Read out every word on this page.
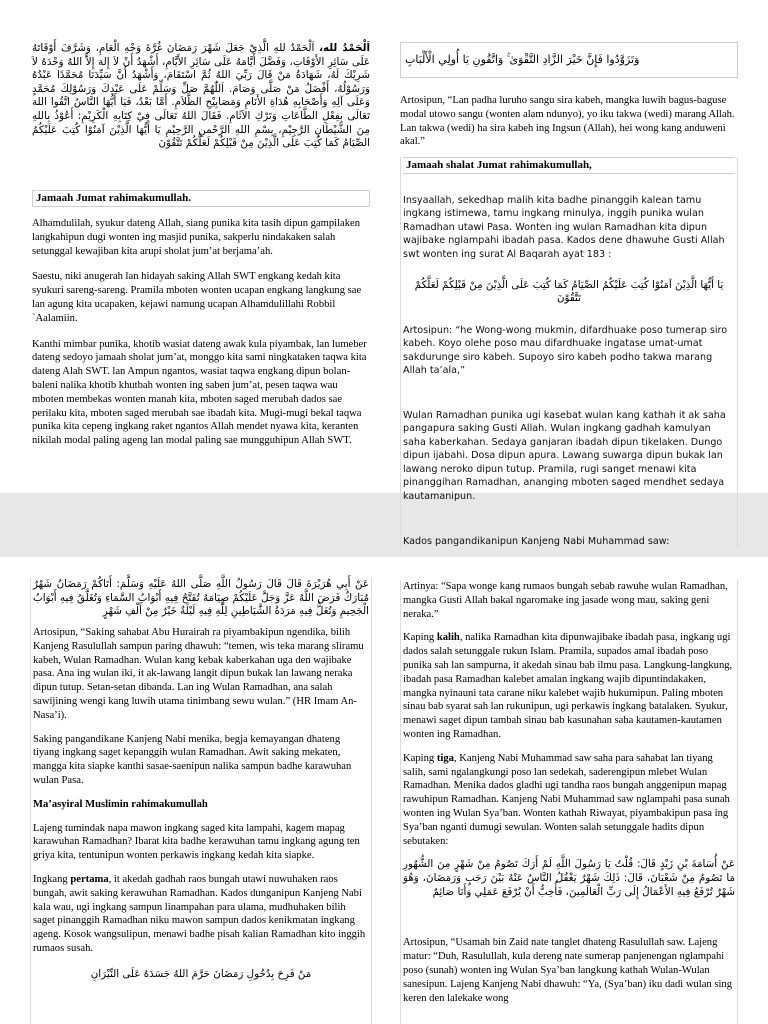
اَلْحَمْدُ لله، اَلْحَمْدُ للهِ الَّذِيْ جَعَلَ شَهْرَ رَمَضَانَ غُرَّةَ وَجْهِ الْعَامِ، وَشَرَّفَ أَوْقَاتَهُ عَلَى سَائِرِ الأَوْقَاتِ، وَفَضَّلَ أَيَّامَهُ عَلَى سَائِرِ الأَيَّامِ، أَشْهَدُ أَنْ لاَ إِلهَ إِلاَّ اللهُ وَحْدَهُ لاَ شَرِيْكَ لَهُ، شَهَادَةُ مَنْ قَالَ رَبِّيَ اللهُ ثُمَّ اسْتَقَامَ، وَأَشْهَدُ أَنَّ سَيِّدَنَا مُحَمَّدًا عَبْدُهُ وَرَسُوْلُهُ، أَفْضَلُ مَنْ صَلَّى وَصَامَ. اَللّٰهُمَّ صَلِّ وَسَلِّمْ عَلَى عَبْدِكَ وَرَسُوْلِكَ مُحَمَّدٍ وَعَلَى آلِهِ وَأَصْحَابِهِ هُدَاةِ الأَنَامِ وَمَصَابِيْحِ الظَّلاَمِ. أَمَّا بَعْدُ، فَيَا أَيُّهَا النَّاسُ اتَّقُوا اللهَ تَعَالَى بِفِعْلِ الطَّاعَاتِ وَتَرْكِ الآثَامِ. فَقَالَ اللهُ تَعَالَى فِيْ كِتَابِهِ الْكَرِيْمِ: أَعُوْذُ بِاللهِ مِنَ الشَّيْطَانِ الرَّجِيْمِ، بِسْمِ اللهِ الرَّحْمنِ الرَّحِيْمِ يَا أَيُّهَا الَّذِيْنَ آمَنُوْا كُتِبَ عَلَيْكُمُ الصِّيَامُ كَمَا كُتِبَ عَلَى الَّذِيْنَ مِنْ قَبْلِكُمْ لَعَلَّكُمْ تَتَّقُوْنَ

Jamaah Jumat rahimakumullah.

Alhamdulilah, syukur dateng Allah, siang punika kita tasih dipun gampilaken langkahipun dugi wonten ing masjid punika, sakperlu nindakaken salah setunggal kewajiban kita arupi sholat jum’at berjama’ah.

Saestu, niki anugerah lan hidayah saking Allah SWT engkang kedah kita syukuri sareng-sareng. Pramila mboten wonten ucapan engkang langkung sae lan agung kita ucapaken, kejawi namung ucapan Alhamdulillahi Robbil `Aalamiin.

Kanthi mimbar punika, khotib wasiat dateng awak kula piyambak, lan lumeber dateng sedoyo jamaah sholat jum’at, monggo kita sami ningkataken taqwa kita dateng Alah SWT. lan Ampun ngantos, wasiat taqwa engkang dipun bolan-baleni nalika khotib khutbah wonten ing saben jum’at, pesen taqwa wau mboten membekas wonten manah kita, mboten saged merubah dados sae perilaku kita, mboten saged merubah sae ibadah kita. Mugi-mugi bekal taqwa punika kita cepeng ingkang raket ngantos Allah mendet nyawa kita, keranten nikilah modal paling ageng lan modal paling sae mungguhipun Allah SWT.

وَتَزَوَّدُوا فَإِنَّ خَيْرَ الزَّادِ التَّقْوَىٰ ۚ وَاتَّقُونِ يَا أُولِي الْأَلْبَابِ

Artosipun, “Lan padha luruho sangu sira kabeh, mangka luwih bagus-baguse modal utowo sangu (wonten alam ndunyo), yo iku takwa (wedi) marang Allah. Lan takwa (wedi) ha sira kabeh ing Ingsun (Allah), hei wong kang anduweni akal.”

Jamaah shalat Jumat rahimakumullah,

Insyaallah, sekedhap malih kita badhe pinanggih kalean tamu ingkang istimewa, tamu ingkang minulya, inggih punika wulan Ramadhan utawi Pasa. Wonten ing wulan Ramadhan kita dipun wajibake nglampahi ibadah pasa. Kados dene dhawuhe Gusti Allah swt wonten ing surat Al Baqarah ayat 183 :

يَا أَيُّهَا الَّذِيْنَ آمَنُوْا كُتِبَ عَلَيْكُمُ الصِّيَامُ كَمَا كُتِبَ عَلَى الَّذِيْنَ مِنْ قَبْلِكُمْ لَعَلَّكُمْ تَتَّقُوْنَ

Artosipun: “he Wong-wong mukmin, difardhuake poso tumerap siro kabeh. Koyo olehe poso mau difardhuake ingatase umat-umat sakdurunge siro kabeh. Supoyo siro kabeh podho takwa marang Allah ta’ala,”

Wulan Ramadhan punika ugi kasebat wulan kang kathah it ak saha pangapura saking Gusti Allah. Wulan ingkang gadhah kamulyan saha kaberkahan. Sedaya ganjaran ibadah dipun tikelaken. Dungo dipun ijabahi. Dosa dipun apura. Lawang suwarga dipun bukak lan lawang neroko dipun tutup. Pramila, rugi sanget menawi kita pinanggihan Ramadhan, ananging mboten saged mendhet sedaya kautamanipun.

Kados pangandikanipun Kanjeng Nabi Muhammad saw:

عَنْ أَبِي هُرَيْرَةَ قَالَ قَالَ رَسُولُ اللَّهِ صَلَّى اللهُ عَلَيْهِ وَسَلَّمَ: أَتَاكُمْ رَمَضَانُ شَهْرٌ مُبَارَكٌ فَرَضَ اللَّهُ عَزَّ وَجَلَّ عَلَيْكُمْ صِيَامَهُ تُفَتَّحُ فِيهِ أَبْوَابُ السَّمَاءِ وَتُغَلَّقُ فِيهِ أَبْوَابُ الْجَحِيمِ وَتُغَلُّ فِيهِ مَرَدَةُ الشَّيَاطِينِ لِلَّهِ فِيهِ لَيْلَةٌ خَيْرٌ مِنْ أَلْفِ شَهْرٍ

Artosipun, “Saking sahabat Abu Hurairah ra piyambakipun ngendika, bilih Kanjeng Rasulullah sampun paring dhawuh: “temen, wis teka marang sliramu kabeh, Wulan Ramadhan. Wulan kang kebak kaberkahan uga den wajibake pasa. Ana ing wulan iki, it ak-lawang langit dipun bukak lan lawang neraka dipun tutup. Setan-setan dibanda. Lan ing Wulan Ramadhan, ana salah sawijining wengi kang luwih utama tinimbang sewu wulan.” (HR Imam An-Nasa’i).

Saking pangandikane Kanjeng Nabi menika, begja kemayangan dhateng tiyang ingkang saget kepanggih wulan Ramadhan. Awit saking mekaten, mangga kita siapke kanthi sasae-saenipun nalika sampun badhe karawuhan wulan Pasa.

Ma’asyiral Muslimin rahimakumullah

Lajeng tumindak napa mawon ingkang saged kita lampahi, kagem mapag karawuhan Ramadhan? Ibarat kita badhe kerawuhan tamu ingkang agung ten griya kita, tentunipun wonten perkawis ingkang kedah kita siapke.

Ingkang pertama, it akedah gadhah raos bungah utawi nuwuhaken raos bungah, awit saking kerawuhan Ramadhan. Kados dunganipun Kanjeng Nabi kala wau, ugi ingkang sampun linampahan para ulama, mudhuhaken bilih saget pinanggih Ramadhan niku mawon sampun dados kenikmatan ingkang ageng. Kosok wangsulipun, menawi badhe pisah kalian Ramadhan kito inggih rumaos susah.

مَنْ فَرِحَ بِدُخُولِ رَمَضَانَ حَرَّمَ اللهُ جَسَدَهُ عَلَى النِّيْرَانِ

Artinya: “Sapa wonge kang rumaos bungah sebab rawuhe wulan Ramadhan, mangka Gusti Allah bakal ngaromake ing jasade wong mau, saking geni neraka.”

Kaping kalih, nalika Ramadhan kita dipunwajibake ibadah pasa, ingkang ugi dados salah setunggale rukun Islam. Pramila, supados amal ibadah poso punika sah lan sampurna, it akedah sinau bab ilmu pasa. Langkung-langkung, ibadah pasa Ramadhan kalebet amalan ingkang wajib dipuntindakaken, mangka nyinauni tata carane niku kalebet wajib hukumipun. Paling mboten sinau bab syarat sah lan rukunipun, ugi perkawis ingkang batalaken. Syukur, menawi saget dipun tambah sinau bab kasunahan saha kautamen-kautamen wonten ing Ramadhan.

Kaping tiga, Kanjeng Nabi Muhammad saw saha para sahabat lan tiyang salih, sami ngalangkungi poso lan sedekah, saderengipun mlebet Wulan Ramadhan. Menika dados gladhi ugi tandha raos bungah anggenipun mapag rawuhipun Ramadhan. Kanjeng Nabi Muhammad saw nglampahi pasa sunah wonten ing Wulan Sya’ban. Wonten kathah Riwayat, piyambakipun pasa ing Sya’ban nganti dumugi sewulan. Wonten salah setunggale hadits dipun sebutaken:

عَنْ أُسَامَةَ بْنِ زَيْدٍ قَالَ: قُلْتُ يَا رَسُولَ اللَّهِ لَمْ أَرَكَ تَصُومُ مِنْ شَهْرٍ مِنَ الشُّهُورِ مَا تَصُومُ مِنْ شَعْبَانَ، قَالَ: ذَلِكَ شَهْرٌ يَغْفُلُ النَّاسُ عَنْهُ بَيْنَ رَجَبٍ وَرَمَضَانَ، وَهُوَ شَهْرٌ تُرْفَعُ فِيهِ الأَعْمَالُ إِلَى رَبِّ الْعَالَمِينَ، فَأُحِبُّ أَنْ يُرْفَعَ عَمَلِي وَأَنَا صَائِمٌ

Artosipun, “Usamah bin Zaid nate tanglet dhateng Rasulullah saw. Lajeng matur: “Duh, Rasulullah, kula dereng nate sumerap panjenengan nglampahi poso (sunah) wonten ing Wulan Sya’ban langkung kathah Wulan-Wulan sanesipun. Lajeng Kanjeng Nabi dhawuh: “Ya, (Sya’ban) iku dadi wulan sing keren den lalekake wong
